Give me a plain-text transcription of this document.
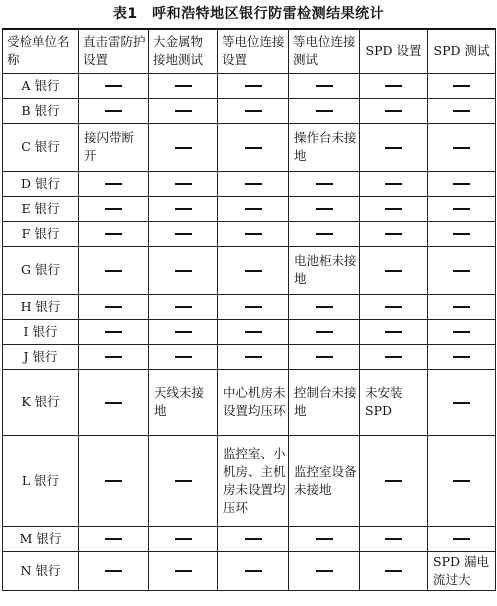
表1　呼和浩特地区银行防雷检测结果统计
受检单位名称	直击雷防护设置	大金属物接地测试	等电位连接设置	等电位连接测试	SPD 设置	SPD 测试
A 银行						
B 银行						
C 银行	接闪带断开			操作台未接地		
D 银行						
E 银行						
F 银行						
G 银行				电池柜未接地		
H 银行						
I 银行						
J 银行						
K 银行		天线未接地	中心机房未设置均压环	控制台未接地	未安装SPD	
L 银行			监控室、小机房、主机房未设置均压环	监控室设备未接地		
M 银行						
N 银行						SPD 漏电流过大
